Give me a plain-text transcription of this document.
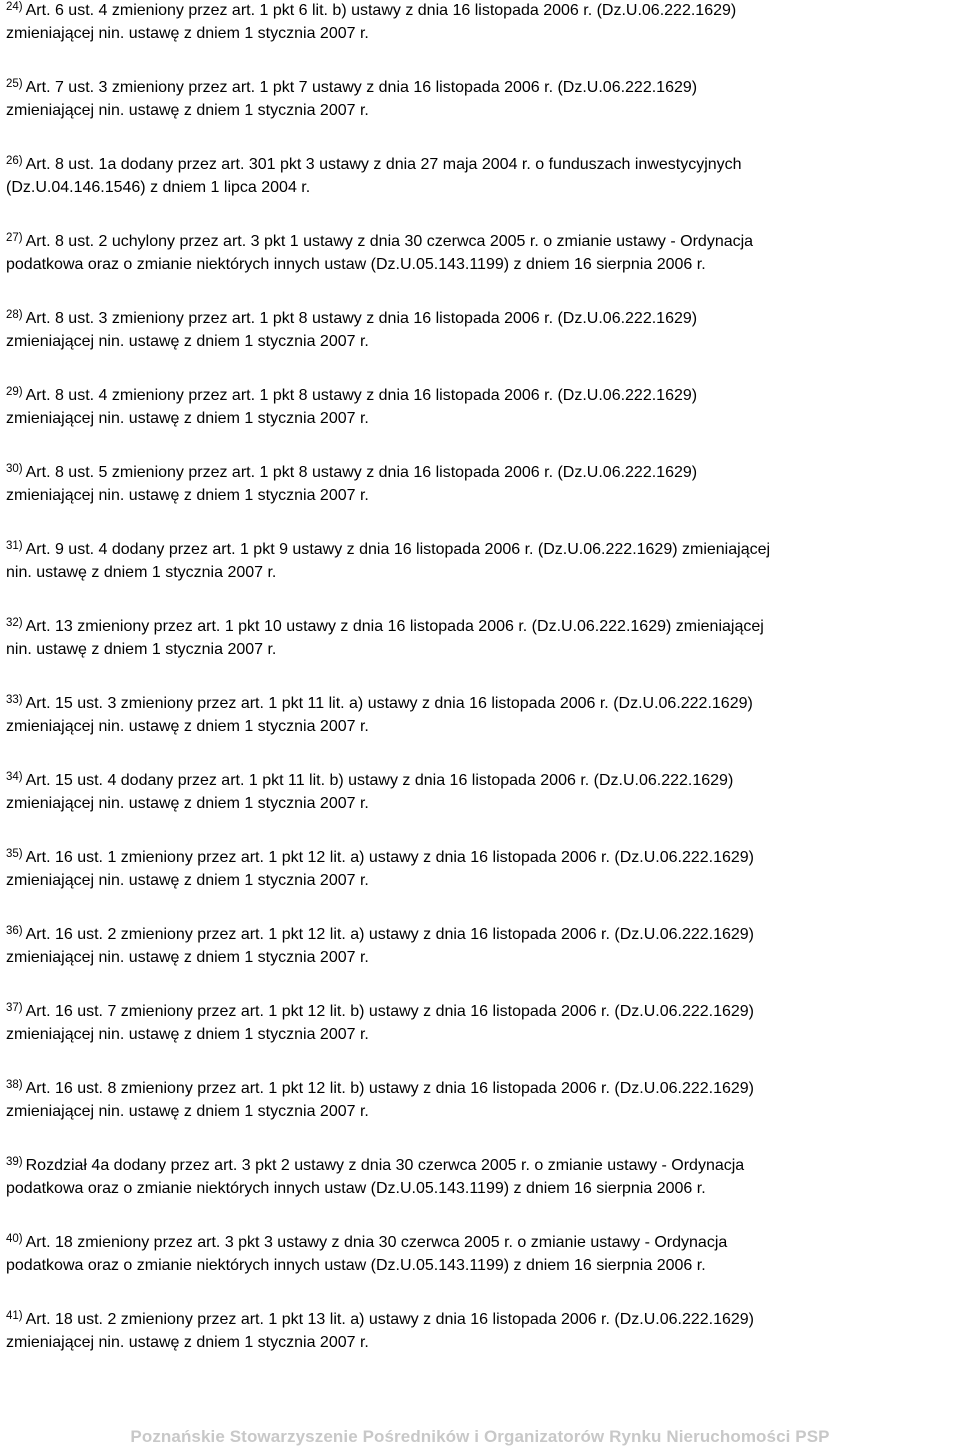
$^{24)}$ Art. 6 ust. 4 zmieniony przez art. 1 pkt 6 lit. b) ustawy z dnia 16 listopada 2006 r. (Dz.U.06.222.1629)
zmieniającej nin. ustawę z dniem 1 stycznia 2007 r.

$^{25)}$ Art. 7 ust. 3 zmieniony przez art. 1 pkt 7 ustawy z dnia 16 listopada 2006 r. (Dz.U.06.222.1629)
zmieniającej nin. ustawę z dniem 1 stycznia 2007 r.

$^{26)}$ Art. 8 ust. 1a dodany przez art. 301 pkt 3 ustawy z dnia 27 maja 2004 r. o funduszach inwestycyjnych
(Dz.U.04.146.1546) z dniem 1 lipca 2004 r.

$^{27)}$ Art. 8 ust. 2 uchylony przez art. 3 pkt 1 ustawy z dnia 30 czerwca 2005 r. o zmianie ustawy - Ordynacja
podatkowa oraz o zmianie niektórych innych ustaw (Dz.U.05.143.1199) z dniem 16 sierpnia 2006 r.

$^{28)}$ Art. 8 ust. 3 zmieniony przez art. 1 pkt 8 ustawy z dnia 16 listopada 2006 r. (Dz.U.06.222.1629)
zmieniającej nin. ustawę z dniem 1 stycznia 2007 r.

$^{29)}$ Art. 8 ust. 4 zmieniony przez art. 1 pkt 8 ustawy z dnia 16 listopada 2006 r. (Dz.U.06.222.1629)
zmieniającej nin. ustawę z dniem 1 stycznia 2007 r.

$^{30)}$ Art. 8 ust. 5 zmieniony przez art. 1 pkt 8 ustawy z dnia 16 listopada 2006 r. (Dz.U.06.222.1629)
zmieniającej nin. ustawę z dniem 1 stycznia 2007 r.

$^{31)}$ Art. 9 ust. 4 dodany przez art. 1 pkt 9 ustawy z dnia 16 listopada 2006 r. (Dz.U.06.222.1629) zmieniającej
nin. ustawę z dniem 1 stycznia 2007 r.

$^{32)}$ Art. 13 zmieniony przez art. 1 pkt 10 ustawy z dnia 16 listopada 2006 r. (Dz.U.06.222.1629) zmieniającej
nin. ustawę z dniem 1 stycznia 2007 r.

$^{33)}$ Art. 15 ust. 3 zmieniony przez art. 1 pkt 11 lit. a) ustawy z dnia 16 listopada 2006 r. (Dz.U.06.222.1629)
zmieniającej nin. ustawę z dniem 1 stycznia 2007 r.

$^{34)}$ Art. 15 ust. 4 dodany przez art. 1 pkt 11 lit. b) ustawy z dnia 16 listopada 2006 r. (Dz.U.06.222.1629)
zmieniającej nin. ustawę z dniem 1 stycznia 2007 r.

$^{35)}$ Art. 16 ust. 1 zmieniony przez art. 1 pkt 12 lit. a) ustawy z dnia 16 listopada 2006 r. (Dz.U.06.222.1629)
zmieniającej nin. ustawę z dniem 1 stycznia 2007 r.

$^{36)}$ Art. 16 ust. 2 zmieniony przez art. 1 pkt 12 lit. a) ustawy z dnia 16 listopada 2006 r. (Dz.U.06.222.1629)
zmieniającej nin. ustawę z dniem 1 stycznia 2007 r.

$^{37)}$ Art. 16 ust. 7 zmieniony przez art. 1 pkt 12 lit. b) ustawy z dnia 16 listopada 2006 r. (Dz.U.06.222.1629)
zmieniającej nin. ustawę z dniem 1 stycznia 2007 r.

$^{38)}$ Art. 16 ust. 8 zmieniony przez art. 1 pkt 12 lit. b) ustawy z dnia 16 listopada 2006 r. (Dz.U.06.222.1629)
zmieniającej nin. ustawę z dniem 1 stycznia 2007 r.

$^{39)}$ Rozdział 4a dodany przez art. 3 pkt 2 ustawy z dnia 30 czerwca 2005 r. o zmianie ustawy - Ordynacja
podatkowa oraz o zmianie niektórych innych ustaw (Dz.U.05.143.1199) z dniem 16 sierpnia 2006 r.

$^{40)}$ Art. 18 zmieniony przez art. 3 pkt 3 ustawy z dnia 30 czerwca 2005 r. o zmianie ustawy - Ordynacja
podatkowa oraz o zmianie niektórych innych ustaw (Dz.U.05.143.1199) z dniem 16 sierpnia 2006 r.

$^{41)}$ Art. 18 ust. 2 zmieniony przez art. 1 pkt 13 lit. a) ustawy z dnia 16 listopada 2006 r. (Dz.U.06.222.1629)
zmieniającej nin. ustawę z dniem 1 stycznia 2007 r.

Poznańskie Stowarzyszenie Pośredników i Organizatorów Rynku Nieruchomości PSP
